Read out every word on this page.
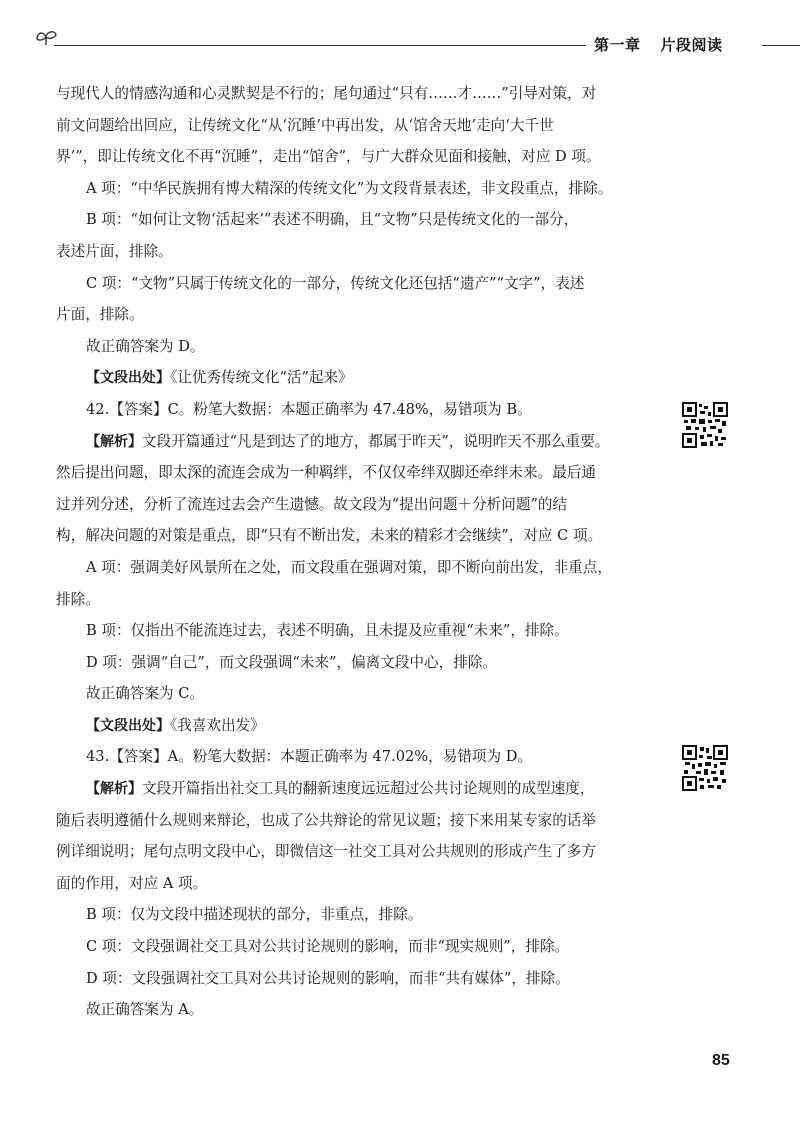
第一章 片段阅读

与现代人的情感沟通和心灵默契是不行的；尾句通过“只有……才……”引导对策，对

前文问题给出回应，让传统文化“从‘沉睡’中再出发，从‘馆舍天地’走向‘大千世

界’”，即让传统文化不再“沉睡”，走出“馆舍”，与广大群众见面和接触，对应 D 项。

A 项：“中华民族拥有博大精深的传统文化”为文段背景表述，非文段重点，排除。

B 项：“如何让文物‘活起来’”表述不明确，且“文物”只是传统文化的一部分，

表述片面，排除。

C 项：“文物”只属于传统文化的一部分，传统文化还包括“遗产”“文字”，表述

片面，排除。

故正确答案为 D。

【文段出处】《让优秀传统文化“活”起来》

42.【答案】C。粉笔大数据：本题正确率为 47.48%，易错项为 B。

【解析】文段开篇通过“凡是到达了的地方，都属于昨天”，说明昨天不那么重要。

然后提出问题，即太深的流连会成为一种羁绊，不仅仅牵绊双脚还牵绊未来。最后通

过并列分述，分析了流连过去会产生遗憾。故文段为“提出问题＋分析问题”的结

构，解决问题的对策是重点，即“只有不断出发，未来的精彩才会继续”，对应 C 项。

A 项：强调美好风景所在之处，而文段重在强调对策，即不断向前出发，非重点，

排除。

B 项：仅指出不能流连过去，表述不明确，且未提及应重视“未来”，排除。

D 项：强调“自己”，而文段强调“未来”，偏离文段中心，排除。

故正确答案为 C。

【文段出处】《我喜欢出发》

43.【答案】A。粉笔大数据：本题正确率为 47.02%，易错项为 D。

【解析】文段开篇指出社交工具的翻新速度远远超过公共讨论规则的成型速度，

随后表明遵循什么规则来辩论，也成了公共辩论的常见议题；接下来用某专家的话举

例详细说明；尾句点明文段中心，即微信这一社交工具对公共规则的形成产生了多方

面的作用，对应 A 项。

B 项：仅为文段中描述现状的部分，非重点，排除。

C 项：文段强调社交工具对公共讨论规则的影响，而非“现实规则”，排除。

D 项：文段强调社交工具对公共讨论规则的影响，而非“共有媒体”，排除。

故正确答案为 A。

85
